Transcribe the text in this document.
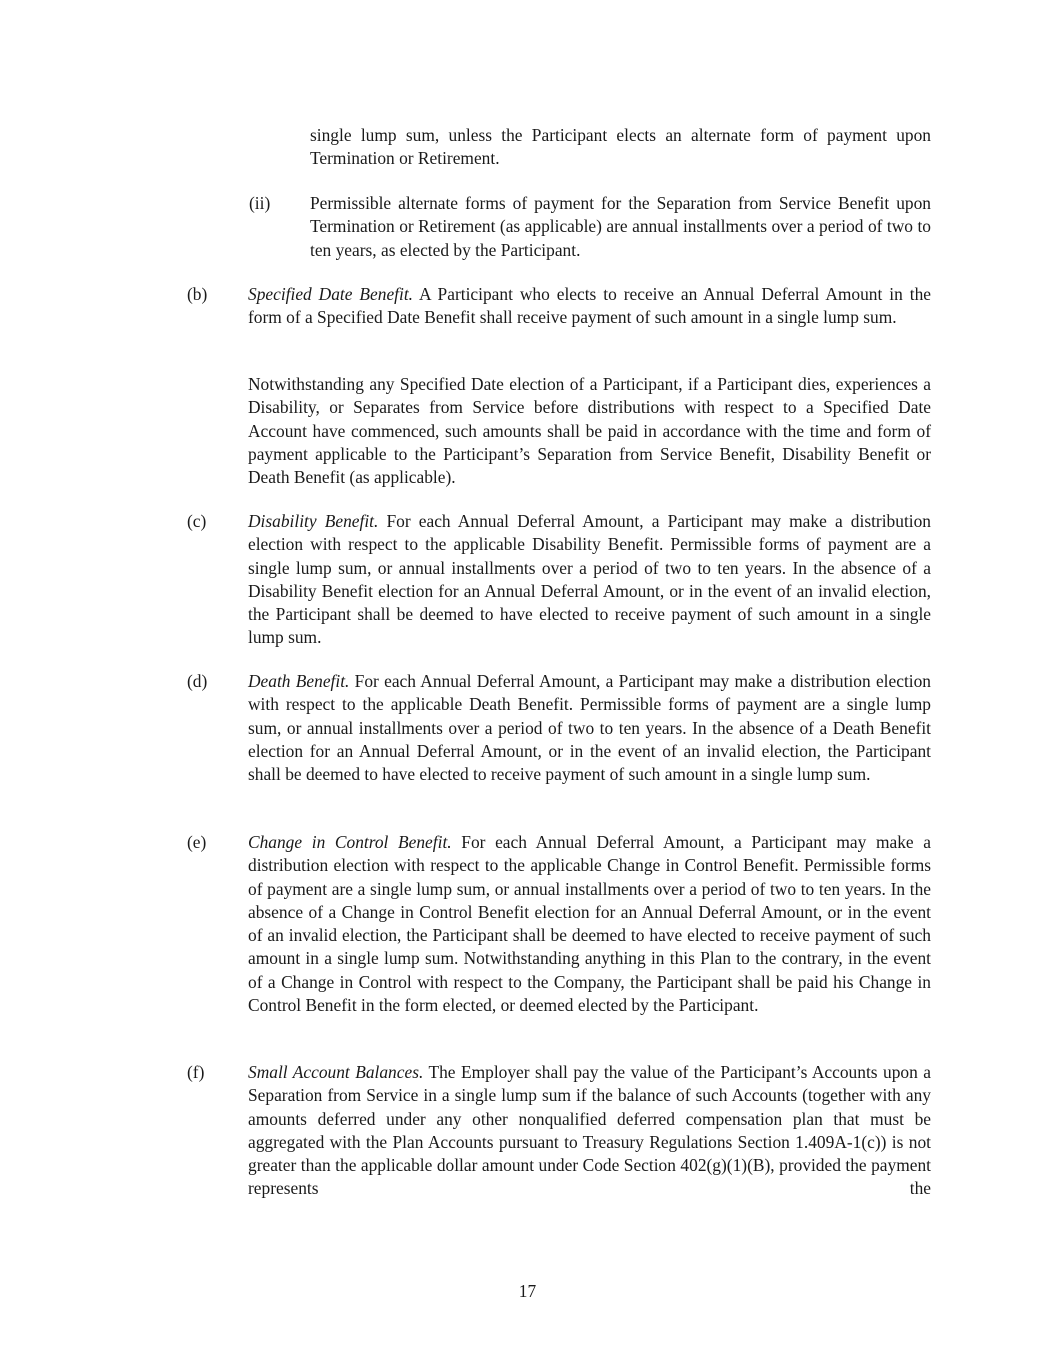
single lump sum, unless the Participant elects an alternate form of payment upon Termination or Retirement.
(ii) Permissible alternate forms of payment for the Separation from Service Benefit upon Termination or Retirement (as applicable) are annual installments over a period of two to ten years, as elected by the Participant.
(b) Specified Date Benefit. A Participant who elects to receive an Annual Deferral Amount in the form of a Specified Date Benefit shall receive payment of such amount in a single lump sum.
Notwithstanding any Specified Date election of a Participant, if a Participant dies, experiences a Disability, or Separates from Service before distributions with respect to a Specified Date Account have commenced, such amounts shall be paid in accordance with the time and form of payment applicable to the Participant’s Separation from Service Benefit, Disability Benefit or Death Benefit (as applicable).
(c) Disability Benefit. For each Annual Deferral Amount, a Participant may make a distribution election with respect to the applicable Disability Benefit. Permissible forms of payment are a single lump sum, or annual installments over a period of two to ten years. In the absence of a Disability Benefit election for an Annual Deferral Amount, or in the event of an invalid election, the Participant shall be deemed to have elected to receive payment of such amount in a single lump sum.
(d) Death Benefit. For each Annual Deferral Amount, a Participant may make a distribution election with respect to the applicable Death Benefit. Permissible forms of payment are a single lump sum, or annual installments over a period of two to ten years. In the absence of a Death Benefit election for an Annual Deferral Amount, or in the event of an invalid election, the Participant shall be deemed to have elected to receive payment of such amount in a single lump sum.
(e) Change in Control Benefit. For each Annual Deferral Amount, a Participant may make a distribution election with respect to the applicable Change in Control Benefit. Permissible forms of payment are a single lump sum, or annual installments over a period of two to ten years. In the absence of a Change in Control Benefit election for an Annual Deferral Amount, or in the event of an invalid election, the Participant shall be deemed to have elected to receive payment of such amount in a single lump sum. Notwithstanding anything in this Plan to the contrary, in the event of a Change in Control with respect to the Company, the Participant shall be paid his Change in Control Benefit in the form elected, or deemed elected by the Participant.
(f)	Small Account Balances. The Employer shall pay the value of the Participant’s Accounts upon a Separation from Service in a single lump sum if the balance of such Accounts (together with any amounts deferred under any other nonqualified deferred compensation plan that must be aggregated with the Plan Accounts pursuant to Treasury Regulations Section 1.409A-1(c)) is not greater than the applicable dollar amount under Code Section 402(g)(1)(B), provided the payment represents the
17
